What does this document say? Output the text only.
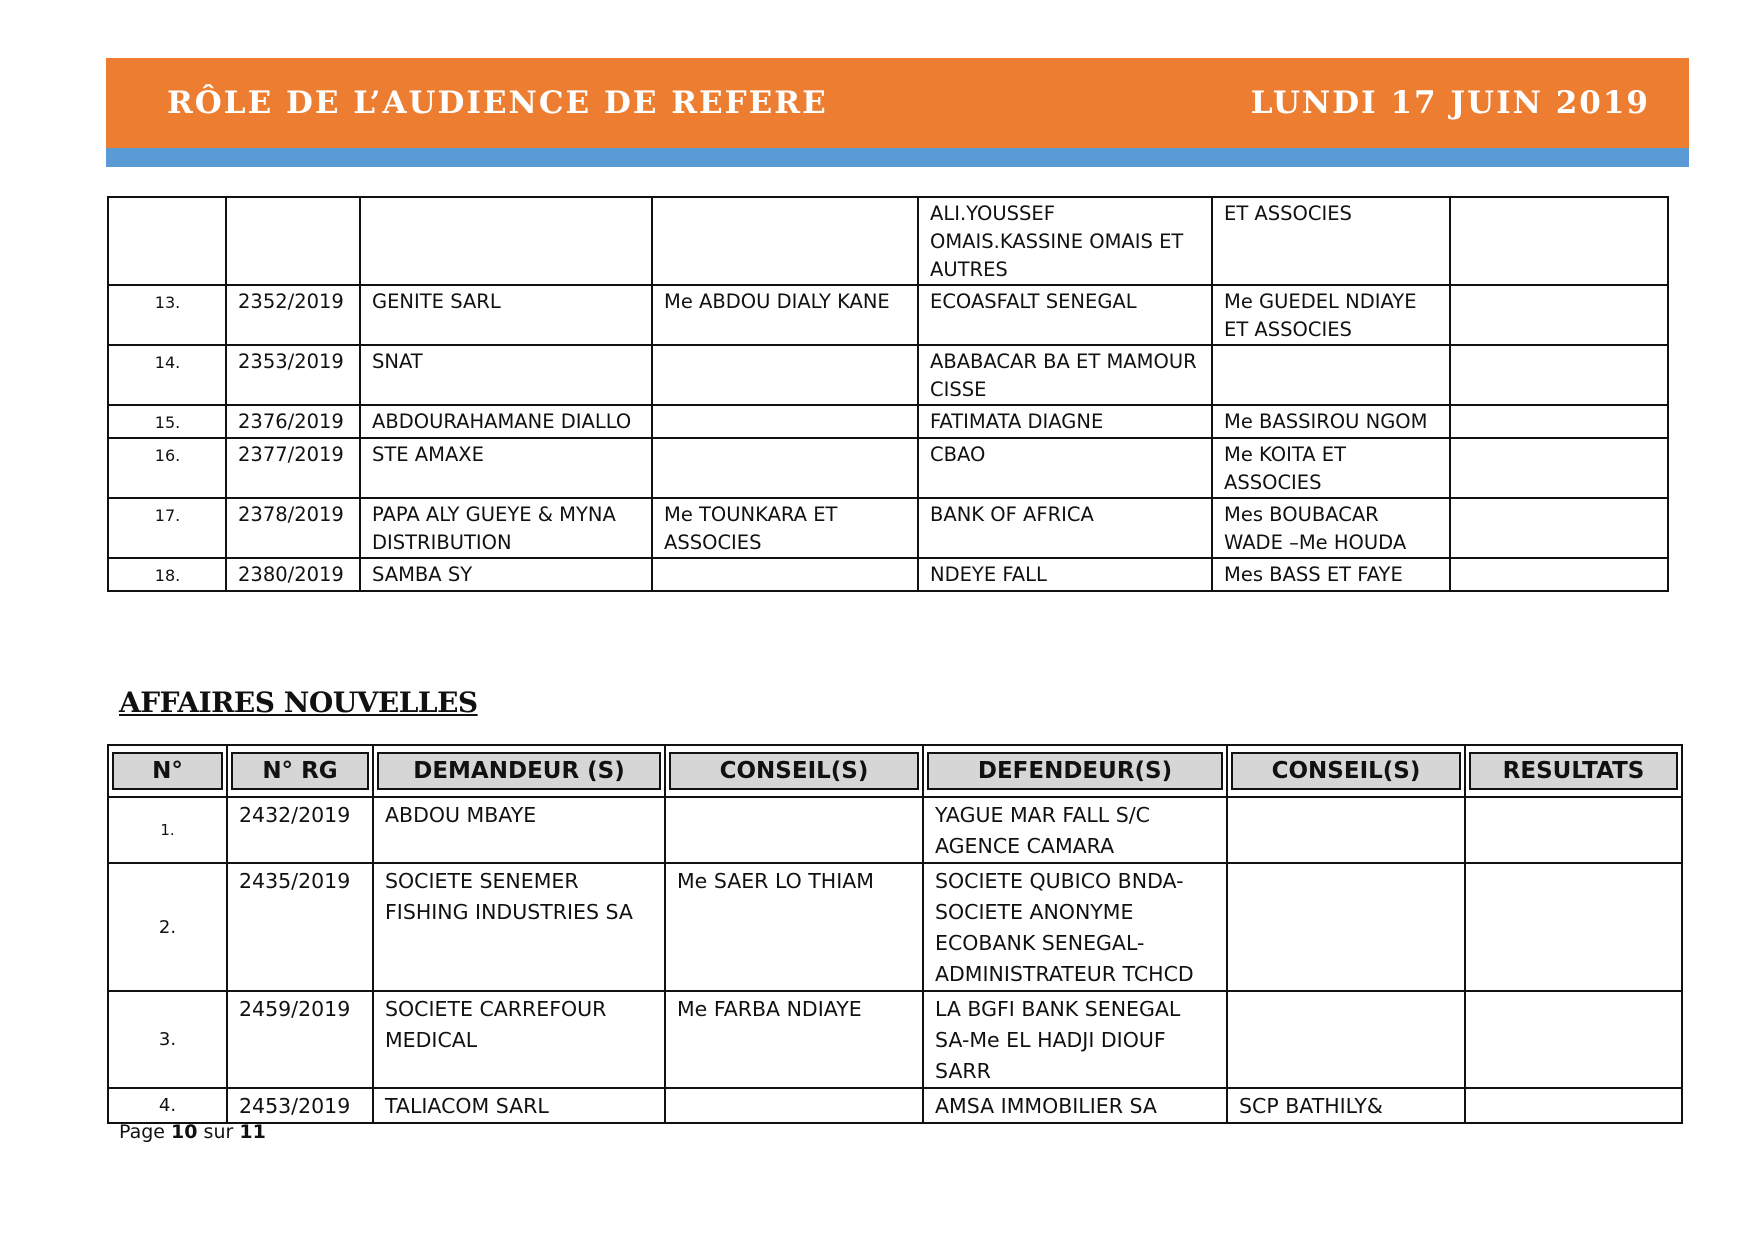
RÔLE DE L’AUDIENCE DE REFERE	LUNDI 17 JUIN 2019
				ALI.YOUSSEF OMAIS.KASSINE OMAIS ET AUTRES	ET ASSOCIES	
13.	2352/2019	GENITE SARL	Me ABDOU DIALY KANE	ECOASFALT SENEGAL	Me GUEDEL NDIAYE ET ASSOCIES	
14.	2353/2019	SNAT		ABABACAR BA ET MAMOUR CISSE		
15.	2376/2019	ABDOURAHAMANE DIALLO		FATIMATA DIAGNE	Me BASSIROU NGOM	
16.	2377/2019	STE AMAXE		CBAO	Me KOITA ET ASSOCIES	
17.	2378/2019	PAPA ALY GUEYE & MYNA DISTRIBUTION	Me TOUNKARA ET ASSOCIES	BANK OF AFRICA	Mes BOUBACAR WADE –Me HOUDA	
18.	2380/2019	SAMBA SY		NDEYE FALL	Mes BASS ET FAYE	
AFFAIRES NOUVELLES
N°	N° RG	DEMANDEUR (S)	CONSEIL(S)	DEFENDEUR(S)	CONSEIL(S)	RESULTATS

1.	2432/2019	ABDOU MBAYE		YAGUE MAR FALL S/C AGENCE CAMARA		
2.	2435/2019	SOCIETE SENEMER FISHING INDUSTRIES SA	Me SAER LO THIAM	SOCIETE QUBICO BNDA-SOCIETE ANONYME ECOBANK SENEGAL-ADMINISTRATEUR TCHCD		
3.	2459/2019	SOCIETE CARREFOUR MEDICAL	Me FARBA NDIAYE	LA BGFI BANK SENEGAL SA-Me EL HADJI DIOUF SARR		
4.	2453/2019	TALIACOM SARL		AMSA IMMOBILIER SA	SCP BATHILY&	
Page 10 sur 11
